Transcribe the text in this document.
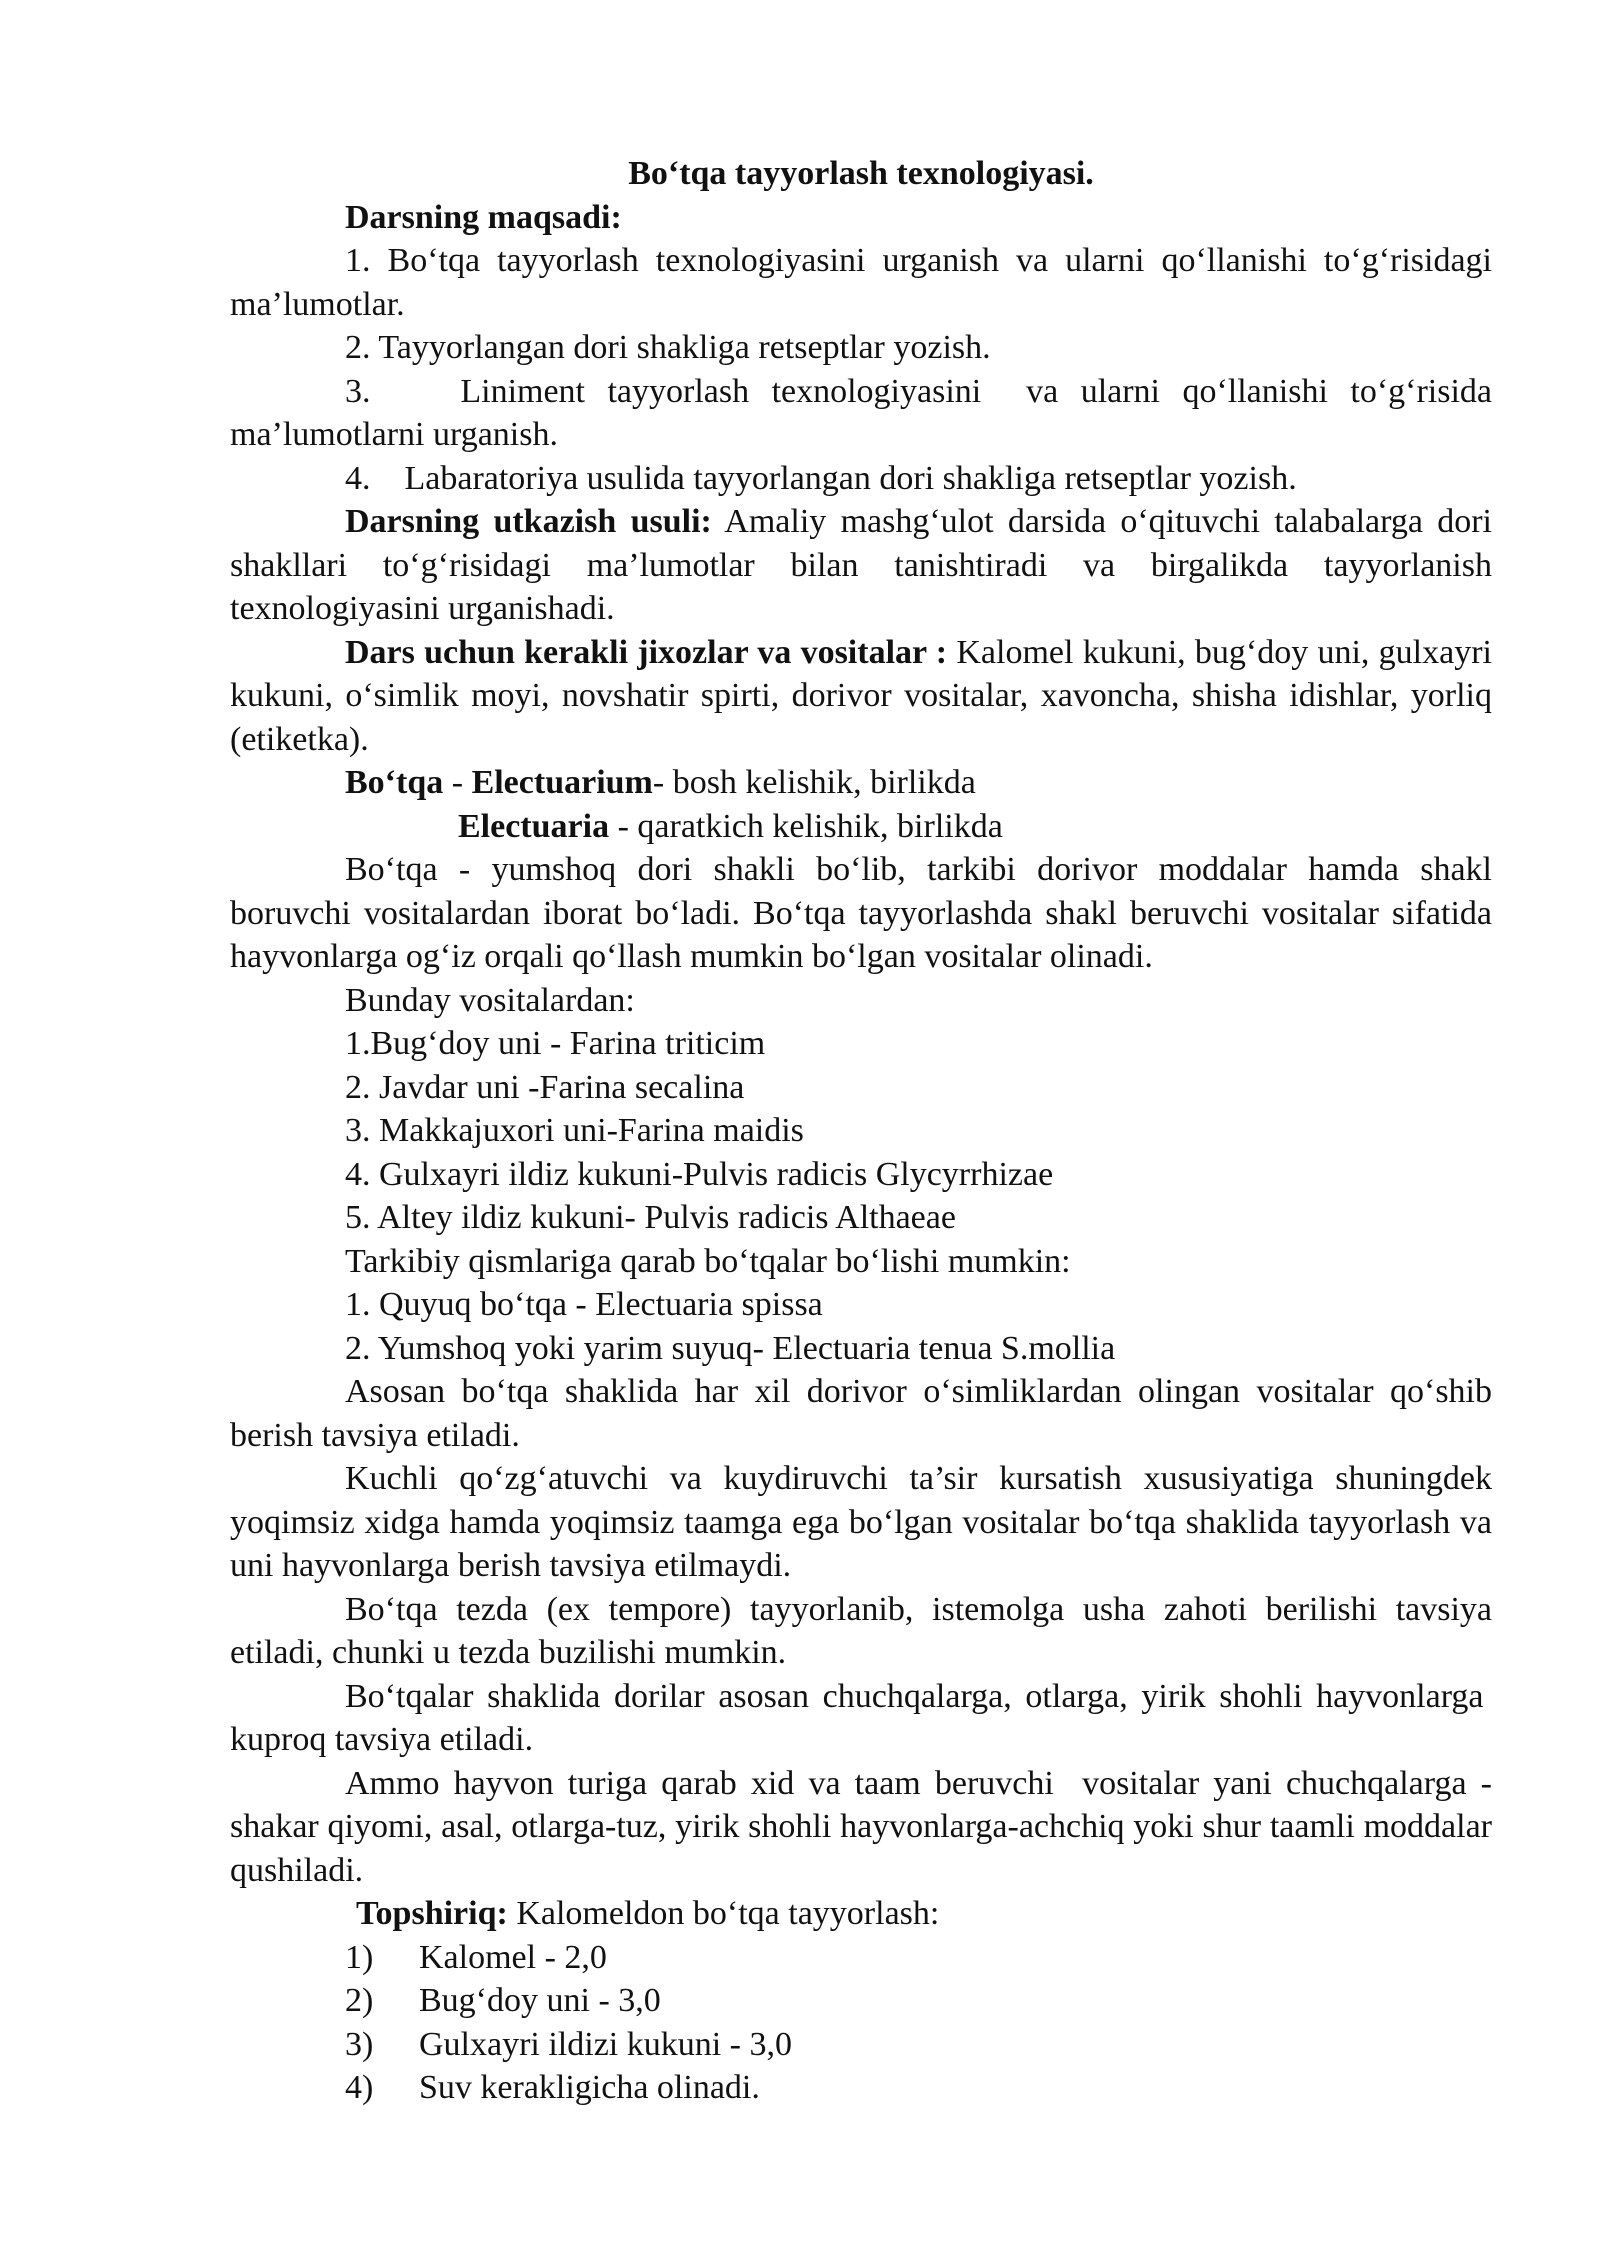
Bo‘tqa tayyorlash texnologiyasi.

Darsning maqsadi:

1. Bo‘tqa tayyorlash texnologiyasini urganish va ularni qo‘llanishi to‘g‘risidagi ma’lumotlar.

2. Tayyorlangan dori shakliga retseptlar yozish.

3.    Liniment tayyorlash texnologiyasini  va ularni qo‘llanishi to‘g‘risida ma’lumotlarni urganish.

4.    Labaratoriya usulida tayyorlangan dori shakliga retseptlar yozish.

Darsning utkazish usuli: Amaliy mashg‘ulot darsida o‘qituvchi talabalarga dori shakllari to‘g‘risidagi ma’lumotlar bilan tanishtiradi va birgalikda tayyorlanish texnologiyasini urganishadi.

Dars uchun kerakli jixozlar va vositalar : Kalomel kukuni, bug‘doy uni, gulxayri kukuni, o‘simlik moyi, novshatir spirti, dorivor vositalar, xavoncha, shisha idishlar, yorliq (etiketka).

Bo‘tqa - Electuarium- bosh kelishik, birlikda

Electuaria - qaratkich kelishik, birlikda

Bo‘tqa - yumshoq dori shakli bo‘lib, tarkibi dorivor moddalar hamda shakl boruvchi vositalardan iborat bo‘ladi. Bo‘tqa tayyorlashda shakl beruvchi vositalar sifatida hayvonlarga og‘iz orqali qo‘llash mumkin bo‘lgan vositalar olinadi.

Bunday vositalardan:

1.Bug‘doy uni - Farina triticim

2. Javdar uni -Farina secalina

3. Makkajuxori uni-Farina maidis

4. Gulxayri ildiz kukuni-Pulvis radicis Glycyrrhizae

5. Altey ildiz kukuni- Pulvis radicis Althaeae

Tarkibiy qismlariga qarab bo‘tqalar bo‘lishi mumkin:

1. Quyuq bo‘tqa - Electuaria spissa

2. Yumshoq yoki yarim suyuq- Electuaria tenua S.mollia

Asosan bo‘tqa shaklida har xil dorivor o‘simliklardan olingan vositalar qo‘shib berish tavsiya etiladi.

Kuchli qo‘zg‘atuvchi va kuydiruvchi ta’sir kursatish xususiyatiga shuningdek yoqimsiz xidga hamda yoqimsiz taamga ega bo‘lgan vositalar bo‘tqa shaklida tayyorlash va uni hayvonlarga berish tavsiya etilmaydi.

Bo‘tqa tezda (ex tempore) tayyorlanib, istemolga usha zahoti berilishi tavsiya etiladi, chunki u tezda buzilishi mumkin.

Bo‘tqalar shaklida dorilar asosan chuchqalarga, otlarga, yirik shohli hayvonlarga  kuproq tavsiya etiladi.

Ammo hayvon turiga qarab xid va taam beruvchi  vositalar yani chuchqalarga - shakar qiyomi, asal, otlarga-tuz, yirik shohli hayvonlarga-achchiq yoki shur taamli moddalar qushiladi.

Topshiriq: Kalomeldon bo‘tqa tayyorlash:

1)	Kalomel - 2,0
2)	Bug‘doy uni - 3,0
3)	Gulxayri ildizi kukuni - 3,0
4)	Suv kerakligicha olinadi.
